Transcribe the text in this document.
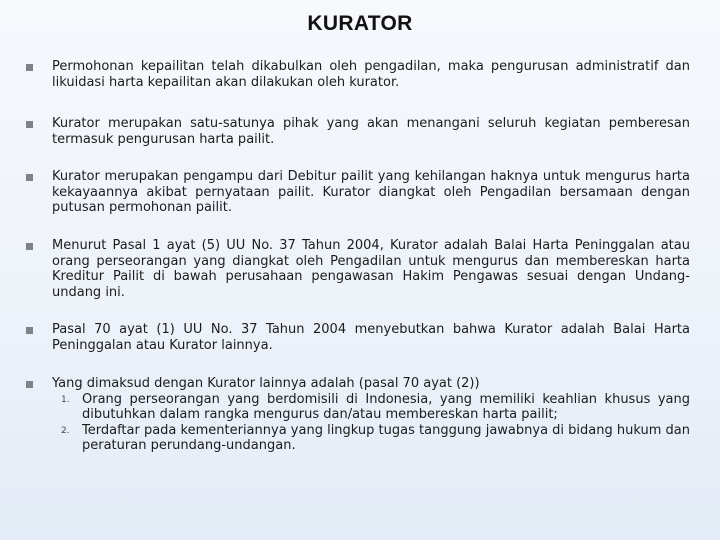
KURATOR
Permohonan kepailitan telah dikabulkan oleh pengadilan, maka pengurusan administratif dan likuidasi harta kepailitan akan dilakukan oleh kurator.
Kurator merupakan satu-satunya pihak yang akan menangani seluruh kegiatan pemberesan termasuk pengurusan harta pailit.
Kurator merupakan pengampu dari Debitur pailit yang kehilangan haknya untuk mengurus harta kekayaannya akibat pernyataan pailit. Kurator diangkat oleh Pengadilan bersamaan dengan putusan permohonan pailit.
Menurut Pasal 1 ayat (5) UU No. 37 Tahun 2004, Kurator adalah Balai Harta Peninggalan atau orang perseorangan yang diangkat oleh Pengadilan untuk mengurus dan membereskan harta Kreditur Pailit di bawah perusahaan pengawasan Hakim Pengawas sesuai dengan Undang-undang ini.
Pasal 70 ayat (1) UU No. 37 Tahun 2004 menyebutkan bahwa Kurator adalah Balai Harta Peninggalan atau Kurator lainnya.
Yang dimaksud dengan Kurator lainnya adalah (pasal 70 ayat (2))
1. Orang perseorangan yang berdomisili di Indonesia, yang memiliki keahlian khusus yang dibutuhkan dalam rangka mengurus dan/atau membereskan harta pailit;
2. Terdaftar pada kementeriannya yang lingkup tugas tanggung jawabnya di bidang hukum dan peraturan perundang-undangan.
